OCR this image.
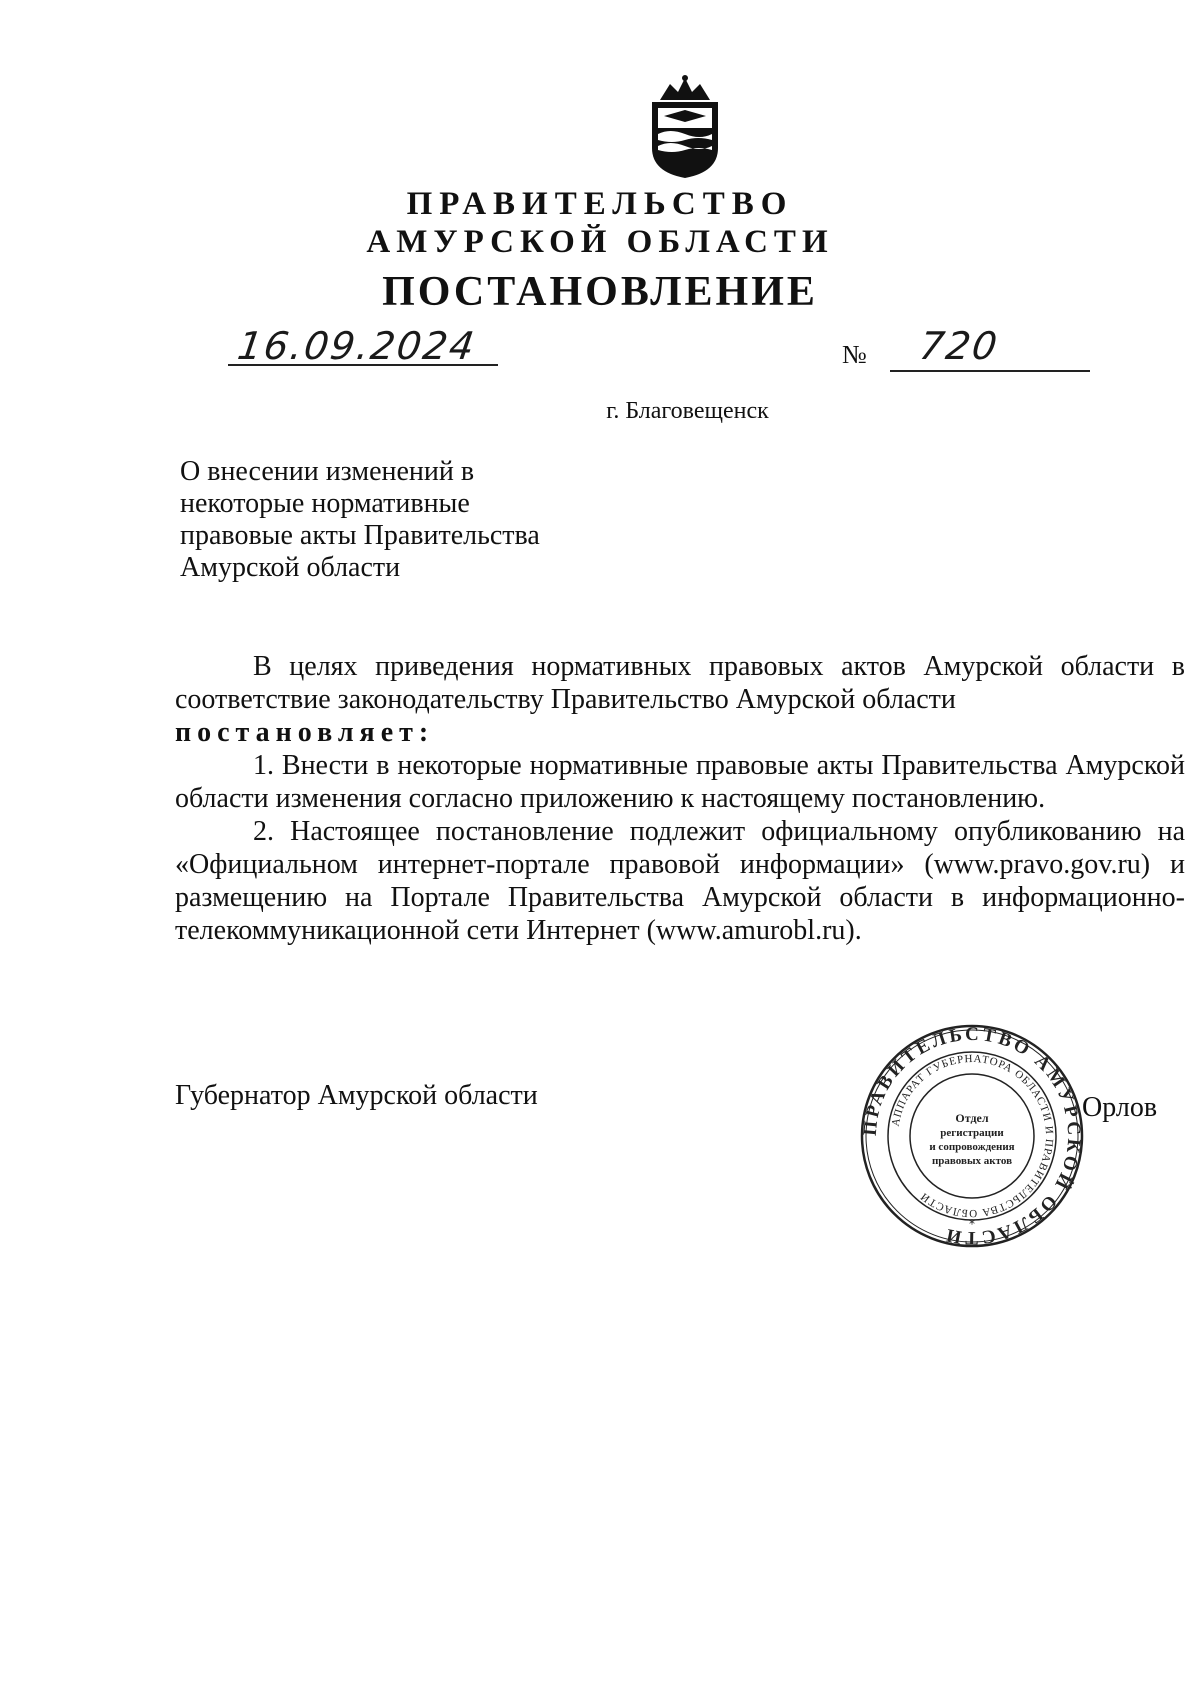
ПРАВИТЕЛЬСТВО
АМУРСКОЙ ОБЛАСТИ
ПОСТАНОВЛЕНИЕ
16.09.2024	№ 720
г. Благовещенск
О внесении изменений в
некоторые нормативные
правовые акты Правительства
Амурской области

В целях приведения нормативных правовых актов Амурской области в соответствие законодательству Правительство Амурской области

постановляет:

1. Внести в некоторые нормативные правовые акты Правительства Амурской области изменения согласно приложению к настоящему постановлению.

2. Настоящее постановление подлежит официальному опубликованию на «Официальном интернет-портале правовой информации» (www.pravo.gov.ru) и размещению на Портале Правительства Амурской области в информационно-телекоммуникационной сети Интернет (www.amurobl.ru).

Губернатор Амурской области
ПРАВИТЕЛЬСТВО АМУРСКОЙ ОБЛАСТИ
АППАРАТ ГУБЕРНАТОРА ОБЛАСТИ И ПРАВИТЕЛЬСТВА ОБЛАСТИ
Отдел
регистрации
и сопровождения
правовых актов
*
Орлов
